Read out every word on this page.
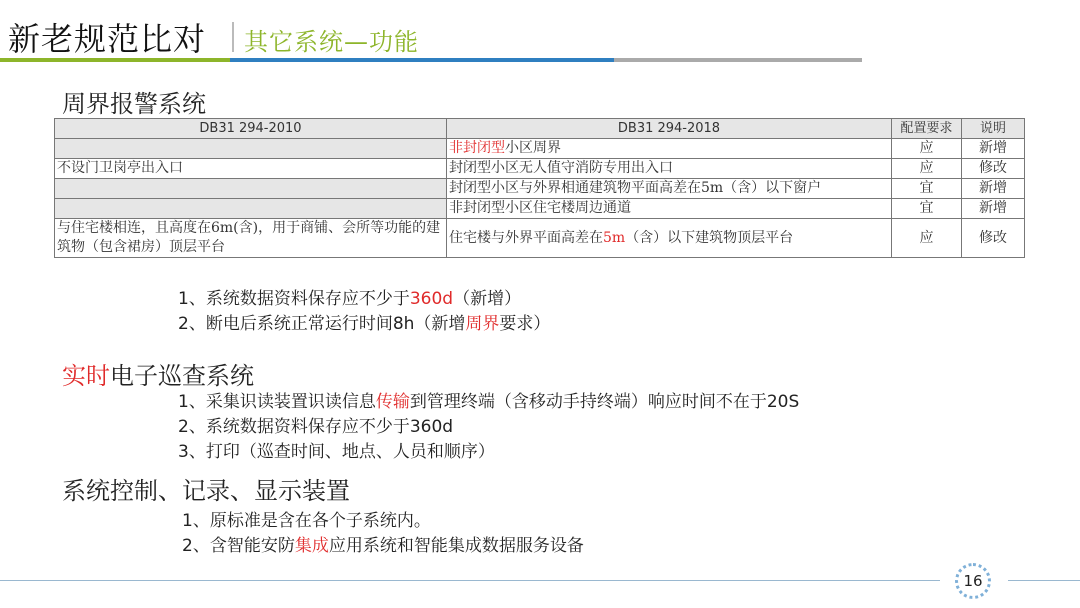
新老规范比对 其它系统—功能
周界报警系统
DB31 294-2010	DB31 294-2018	配置要求	说明
	非封闭型小区周界	应	新增
不设门卫岗亭出入口	封闭型小区无人值守消防专用出入口	应	修改
	封闭型小区与外界相通建筑物平面高差在5m（含）以下窗户	宜	新增
	非封闭型小区住宅楼周边通道	宜	新增
与住宅楼相连，且高度在6m(含)，用于商铺、会所等功能的建筑物（包含裙房）顶层平台	住宅楼与外界平面高差在5m（含）以下建筑物顶层平台	应	修改
1、系统数据资料保存应不少于360d（新增）
2、断电后系统正常运行时间8h（新增周界要求）
实时电子巡查系统
1、采集识读装置识读信息传输到管理终端（含移动手持终端）响应时间不在于20S
2、系统数据资料保存应不少于360d
3、打印（巡查时间、地点、人员和顺序）
系统控制、记录、显示装置
1、原标准是含在各个子系统内。
2、含智能安防集成应用系统和智能集成数据服务设备
16
